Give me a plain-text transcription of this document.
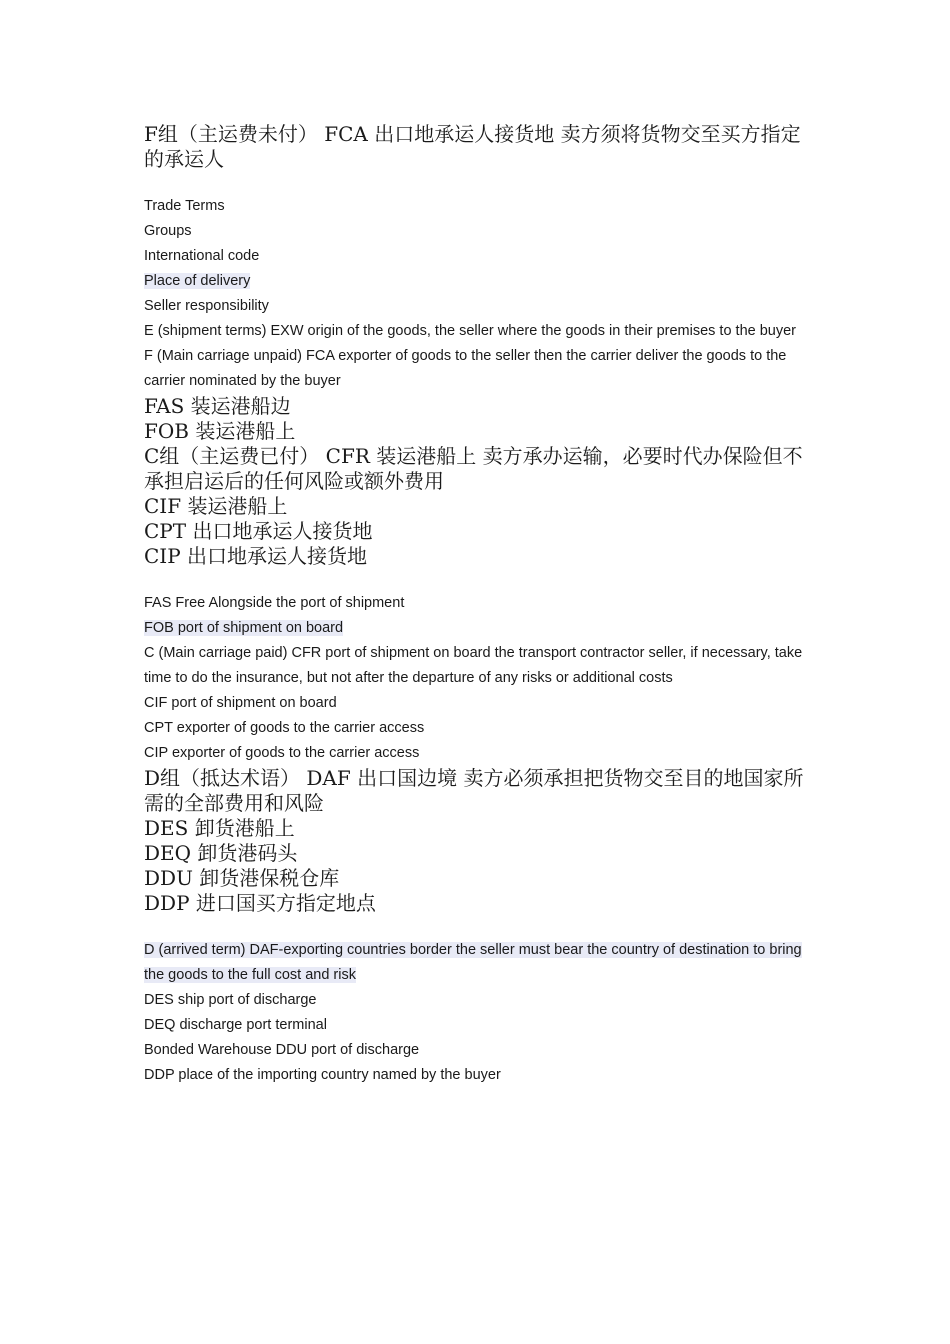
F组（主运费未付） FCA 出口地承运人接货地 卖方须将货物交至买方指定的承运人

Trade Terms

Groups

International code

Place of delivery

Seller responsibility

E (shipment terms) EXW origin of the goods, the seller where the goods in their premises to the buyer

F (Main carriage unpaid) FCA exporter of goods to the seller then the carrier deliver the goods to the carrier nominated by the buyer

FAS 装运港船边

FOB 装运港船上

C组（主运费已付） CFR 装运港船上 卖方承办运输，必要时代办保险但不承担启运后的任何风险或额外费用

CIF 装运港船上

CPT 出口地承运人接货地

CIP 出口地承运人接货地

FAS Free Alongside the port of shipment

FOB port of shipment on board

C (Main carriage paid) CFR port of shipment on board the transport contractor seller, if necessary, take time to do the insurance, but not after the departure of any risks or additional costs

CIF port of shipment on board

CPT exporter of goods to the carrier access

CIP exporter of goods to the carrier access

D组（抵达术语） DAF 出口国边境 卖方必须承担把货物交至目的地国家所需的全部费用和风险

DES 卸货港船上

DEQ 卸货港码头

DDU 卸货港保税仓库

DDP 进口国买方指定地点

D (arrived term) DAF-exporting countries border the seller must bear the country of destination to bring the goods to the full cost and risk

DES ship port of discharge

DEQ discharge port terminal

Bonded Warehouse DDU port of discharge

DDP place of the importing country named by the buyer
